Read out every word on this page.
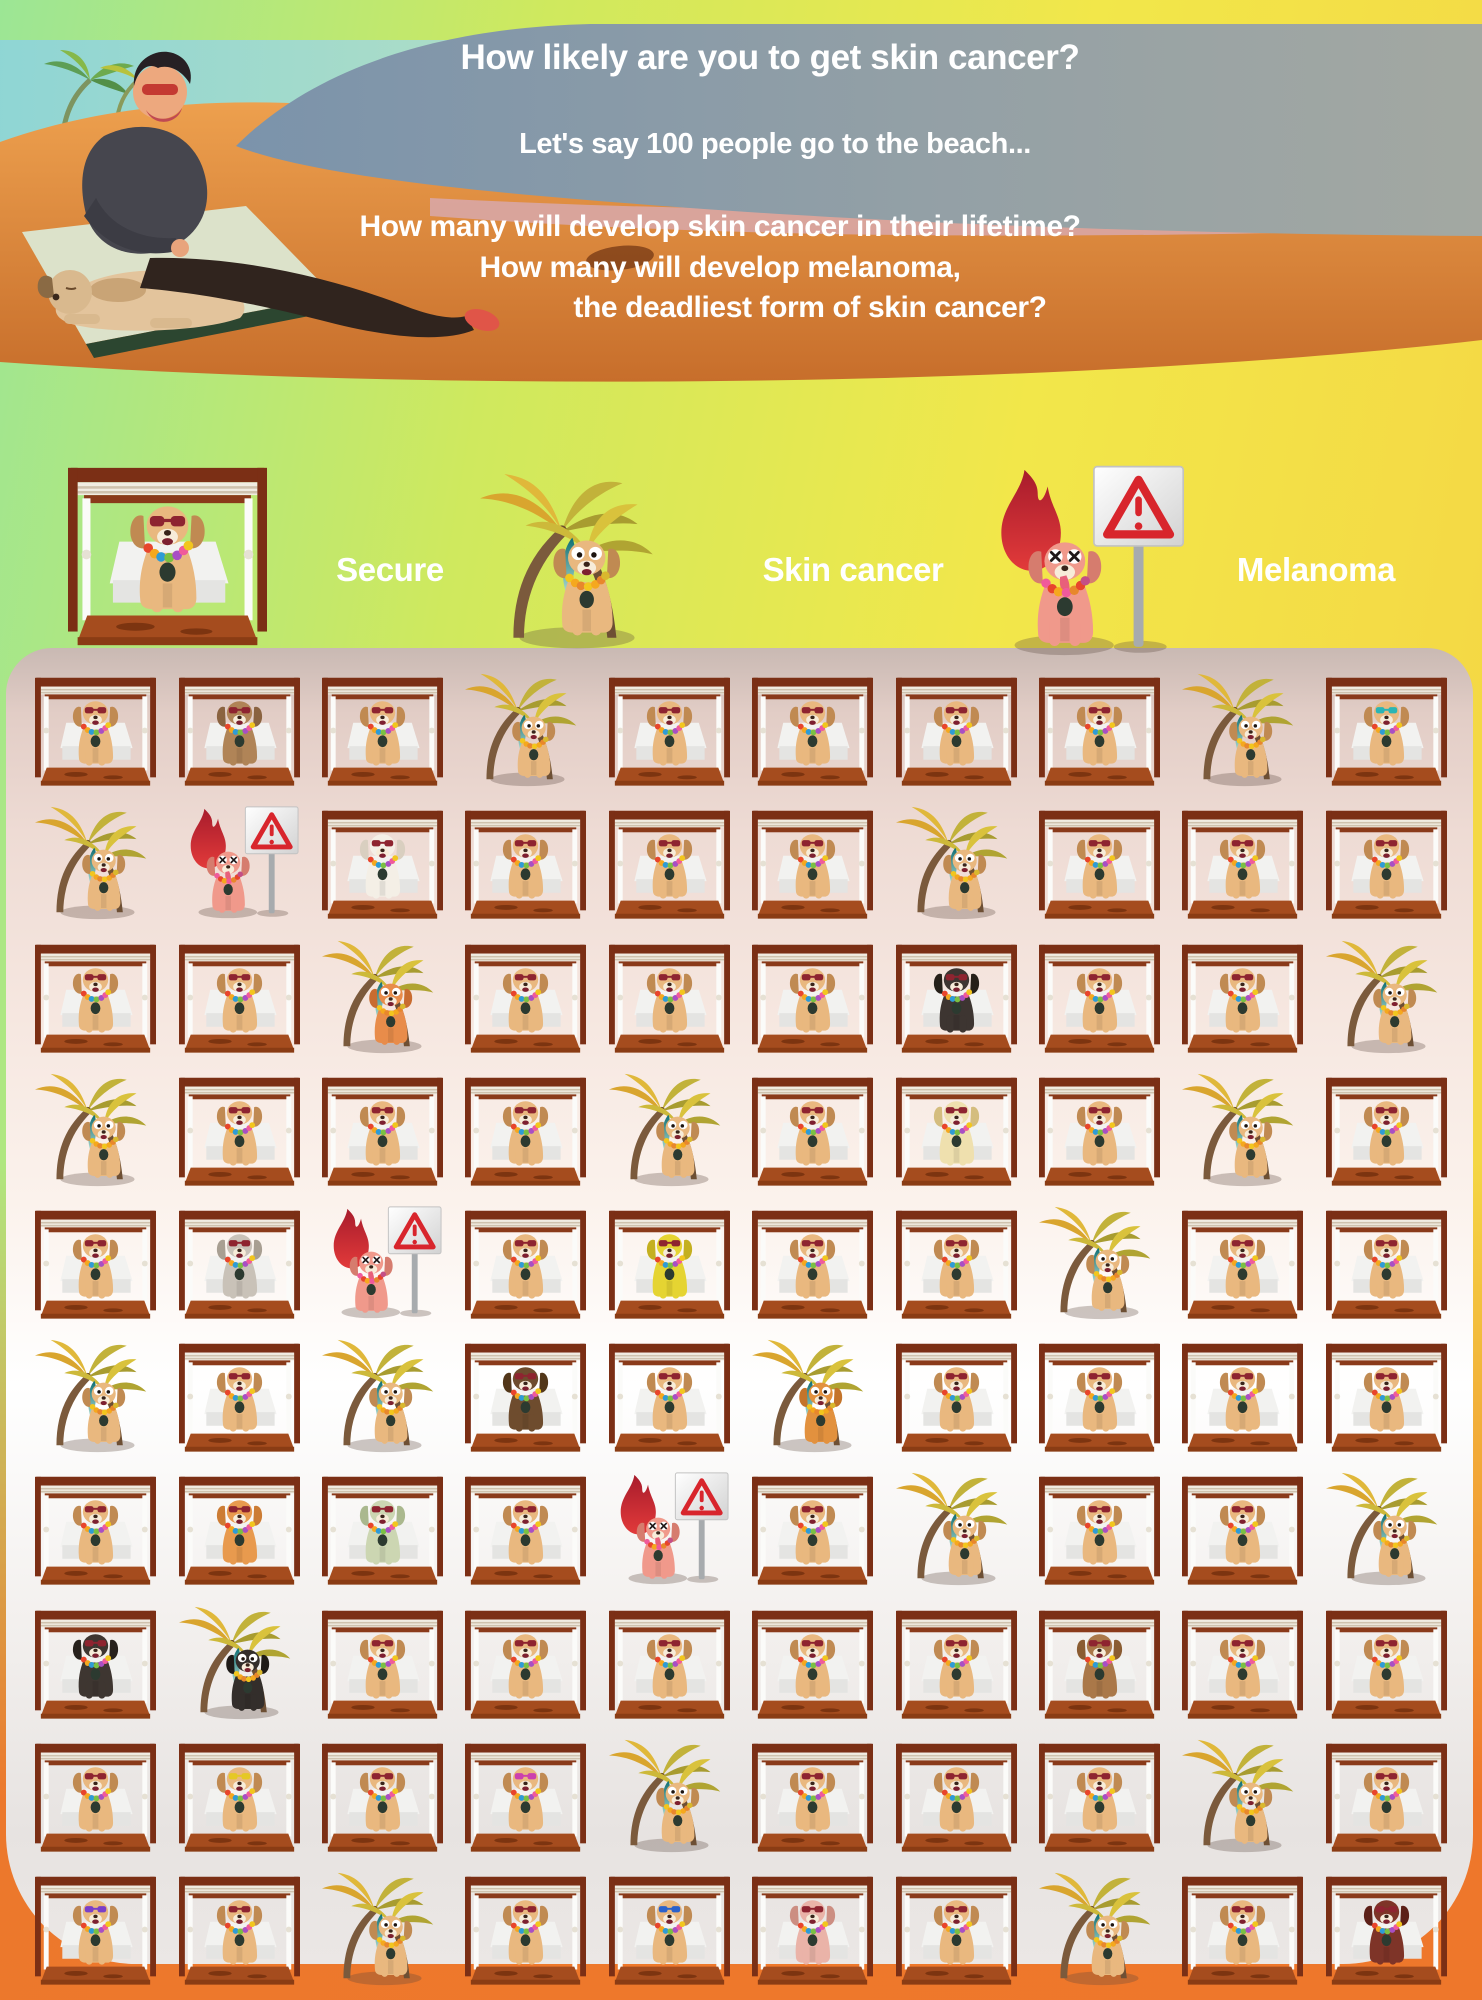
How likely are you to get skin cancer?
Let's say 100 people go to the beach...
How many will develop skin cancer in their lifetime?
How many will develop melanoma,
the deadliest form of skin cancer?
Secure	Skin cancer	Melanoma
